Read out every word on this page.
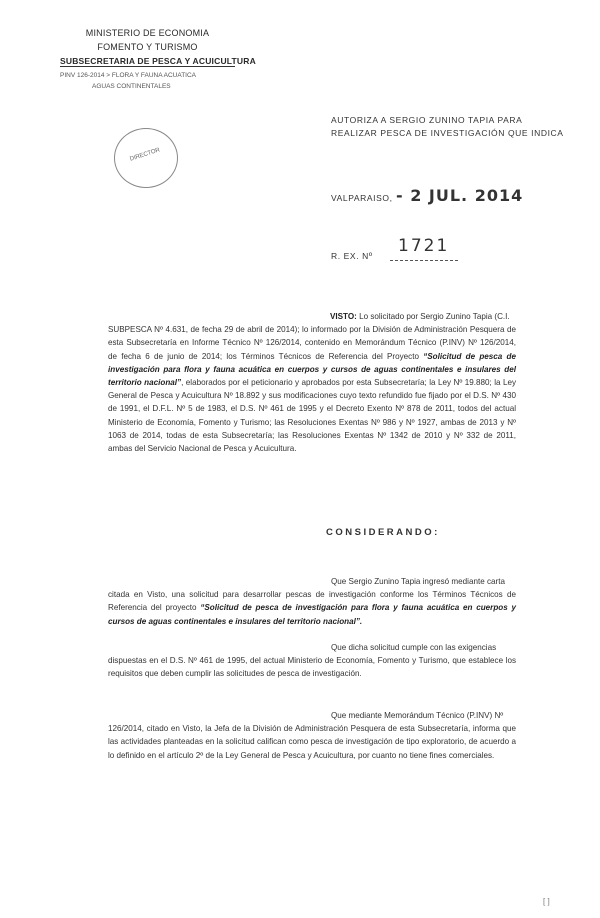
MINISTERIO DE ECONOMIA
FOMENTO Y TURISMO
SUBSECRETARIA DE PESCA Y ACUICULTURA
PINV 126-2014 > FLORA Y FAUNA ACUATICA
AGUAS CONTINENTALES
DIRECTOR
AUTORIZA A SERGIO ZUNINO TAPIA PARA
REALIZAR PESCA DE INVESTIGACIÓN QUE INDICA
VALPARAISO, - 2 JUL. 2014
R. EX. Nº 1721
VISTO: Lo solicitado por Sergio Zunino Tapia (C.I.
SUBPESCA Nº 4.631, de fecha 29 de abril de 2014); lo informado por la División de Administración Pesquera de esta Subsecretaría en Informe Técnico Nº 126/2014, contenido en Memorándum Técnico (P.INV) Nº 126/2014, de fecha 6 de junio de 2014; los Términos Técnicos de Referencia del Proyecto “Solicitud de pesca de investigación para flora y fauna acuática en cuerpos y cursos de aguas continentales e insulares del territorio nacional”, elaborados por el peticionario y aprobados por esta Subsecretaría; la Ley Nº 19.880; la Ley General de Pesca y Acuicultura Nº 18.892 y sus modificaciones cuyo texto refundido fue fijado por el D.S. Nº 430 de 1991, el D.F.L. Nº 5 de 1983, el D.S. Nº 461 de 1995 y el Decreto Exento Nº 878 de 2011, todos del actual Ministerio de Economía, Fomento y Turismo; las Resoluciones Exentas Nº 986 y Nº 1927, ambas de 2013 y Nº 1063 de 2014, todas de esta Subsecretaría; las Resoluciones Exentas Nº 1342 de 2010 y Nº 332 de 2011, ambas del Servicio Nacional de Pesca y Acuicultura.
CONSIDERANDO:
Que Sergio Zunino Tapia ingresó mediante carta
citada en Visto, una solicitud para desarrollar pescas de investigación conforme los Términos Técnicos de Referencia del proyecto “Solicitud de pesca de investigación para flora y fauna acuática en cuerpos y cursos de aguas continentales e insulares del territorio nacional”.
Que dicha solicitud cumple con las exigencias
dispuestas en el D.S. Nº 461 de 1995, del actual Ministerio de Economía, Fomento y Turismo, que establece los requisitos que deben cumplir las solicitudes de pesca de investigación.
Que mediante Memorándum Técnico (P.INV) Nº
126/2014, citado en Visto, la Jefa de la División de Administración Pesquera de esta Subsecretaría, informa que las actividades planteadas en la solicitud califican como pesca de investigación de tipo exploratorio, de acuerdo a lo definido en el artículo 2º de la Ley General de Pesca y Acuicultura, por cuanto no tiene fines comerciales.
[ ]
